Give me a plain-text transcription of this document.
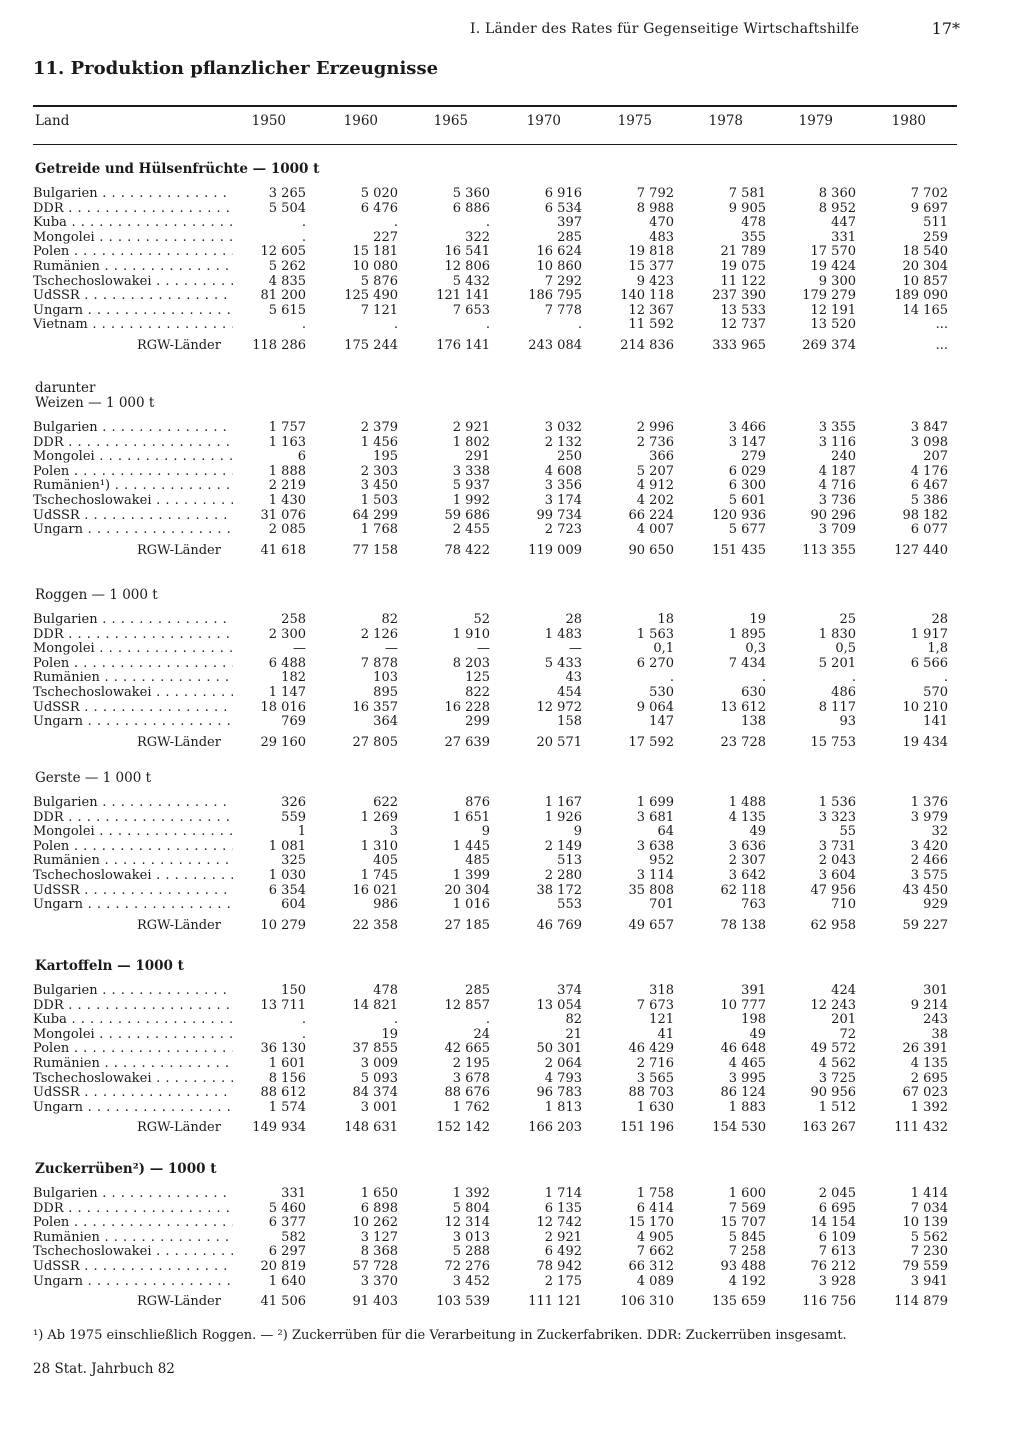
I. Länder des Rates für Gegenseitige Wirtschaftshilfe	17*
11. Produktion pflanzlicher Erzeugnisse
Land	1950	1960	1965	1970	1975	1978	1979	1980
Getreide und Hülsenfrüchte — 1000 t
Bulgarien . . .	3 265	5 020	5 360	6 916	7 792	7 581	8 360	7 702
DDR . . .	5 504	6 476	6 886	6 534	8 988	9 905	8 952	9 697
Kuba . . .	.	.	.	397	470	478	447	511
Mongolei . . .	.	227	322	285	483	355	331	259
Polen . . .	12 605	15 181	16 541	16 624	19 818	21 789	17 570	18 540
Rumänien . . .	5 262	10 080	12 806	10 860	15 377	19 075	19 424	20 304
Tschechoslowakei . . .	4 835	5 876	5 432	7 292	9 423	11 122	9 300	10 857
UdSSR . . .	81 200	125 490	121 141	186 795	140 118	237 390	179 279	189 090
Ungarn . . .	5 615	7 121	7 653	7 778	12 367	13 533	12 191	14 165
Vietnam . . .	.	.	.	.	11 592	12 737	13 520	...
RGW-Länder	118 286	175 244	176 141	243 084	214 836	333 965	269 374	...
darunter
Weizen — 1 000 t
Bulgarien . . .	1 757	2 379	2 921	3 032	2 996	3 466	3 355	3 847
DDR . . .	1 163	1 456	1 802	2 132	2 736	3 147	3 116	3 098
Mongolei . . .	6	195	291	250	366	279	240	207
Polen . . .	1 888	2 303	3 338	4 608	5 207	6 029	4 187	4 176
Rumänien¹) . . .	2 219	3 450	5 937	3 356	4 912	6 300	4 716	6 467
Tschechoslowakei . . .	1 430	1 503	1 992	3 174	4 202	5 601	3 736	5 386
UdSSR . . .	31 076	64 299	59 686	99 734	66 224	120 936	90 296	98 182
Ungarn . . .	2 085	1 768	2 455	2 723	4 007	5 677	3 709	6 077
RGW-Länder	41 618	77 158	78 422	119 009	90 650	151 435	113 355	127 440
Roggen — 1 000 t
Bulgarien . . .	258	82	52	28	18	19	25	28
DDR . . .	2 300	2 126	1 910	1 483	1 563	1 895	1 830	1 917
Mongolei . . .	—	—	—	—	0,1	0,3	0,5	1,8
Polen . . .	6 488	7 878	8 203	5 433	6 270	7 434	5 201	6 566
Rumänien . . .	182	103	125	43	.	.	.	.
Tschechoslowakei . . .	1 147	895	822	454	530	630	486	570
UdSSR . . .	18 016	16 357	16 228	12 972	9 064	13 612	8 117	10 210
Ungarn . . .	769	364	299	158	147	138	93	141
RGW-Länder	29 160	27 805	27 639	20 571	17 592	23 728	15 753	19 434
Gerste — 1 000 t
Bulgarien . . .	326	622	876	1 167	1 699	1 488	1 536	1 376
DDR . . .	559	1 269	1 651	1 926	3 681	4 135	3 323	3 979
Mongolei . . .	1	3	9	9	64	49	55	32
Polen . . .	1 081	1 310	1 445	2 149	3 638	3 636	3 731	3 420
Rumänien . . .	325	405	485	513	952	2 307	2 043	2 466
Tschechoslowakei . . .	1 030	1 745	1 399	2 280	3 114	3 642	3 604	3 575
UdSSR . . .	6 354	16 021	20 304	38 172	35 808	62 118	47 956	43 450
Ungarn . . .	604	986	1 016	553	701	763	710	929
RGW-Länder	10 279	22 358	27 185	46 769	49 657	78 138	62 958	59 227
Kartoffeln — 1000 t
Bulgarien . . .	150	478	285	374	318	391	424	301
DDR . . .	13 711	14 821	12 857	13 054	7 673	10 777	12 243	9 214
Kuba . . .	.	.	.	82	121	198	201	243
Mongolei . . .	.	19	24	21	41	49	72	38
Polen . . .	36 130	37 855	42 665	50 301	46 429	46 648	49 572	26 391
Rumänien . . .	1 601	3 009	2 195	2 064	2 716	4 465	4 562	4 135
Tschechoslowakei . . .	8 156	5 093	3 678	4 793	3 565	3 995	3 725	2 695
UdSSR . . .	88 612	84 374	88 676	96 783	88 703	86 124	90 956	67 023
Ungarn . . .	1 574	3 001	1 762	1 813	1 630	1 883	1 512	1 392
RGW-Länder	149 934	148 631	152 142	166 203	151 196	154 530	163 267	111 432
Zuckerrüben²) — 1000 t
Bulgarien . . .	331	1 650	1 392	1 714	1 758	1 600	2 045	1 414
DDR . . .	5 460	6 898	5 804	6 135	6 414	7 569	6 695	7 034
Polen . . .	6 377	10 262	12 314	12 742	15 170	15 707	14 154	10 139
Rumänien . . .	582	3 127	3 013	2 921	4 905	5 845	6 109	5 562
Tschechoslowakei . . .	6 297	8 368	5 288	6 492	7 662	7 258	7 613	7 230
UdSSR . . .	20 819	57 728	72 276	78 942	66 312	93 488	76 212	79 559
Ungarn . . .	1 640	3 370	3 452	2 175	4 089	4 192	3 928	3 941
RGW-Länder	41 506	91 403	103 539	111 121	106 310	135 659	116 756	114 879
¹) Ab 1975 einschließlich Roggen. — ²) Zuckerrüben für die Verarbeitung in Zuckerfabriken. DDR: Zuckerrüben insgesamt.
28 Stat. Jahrbuch 82
